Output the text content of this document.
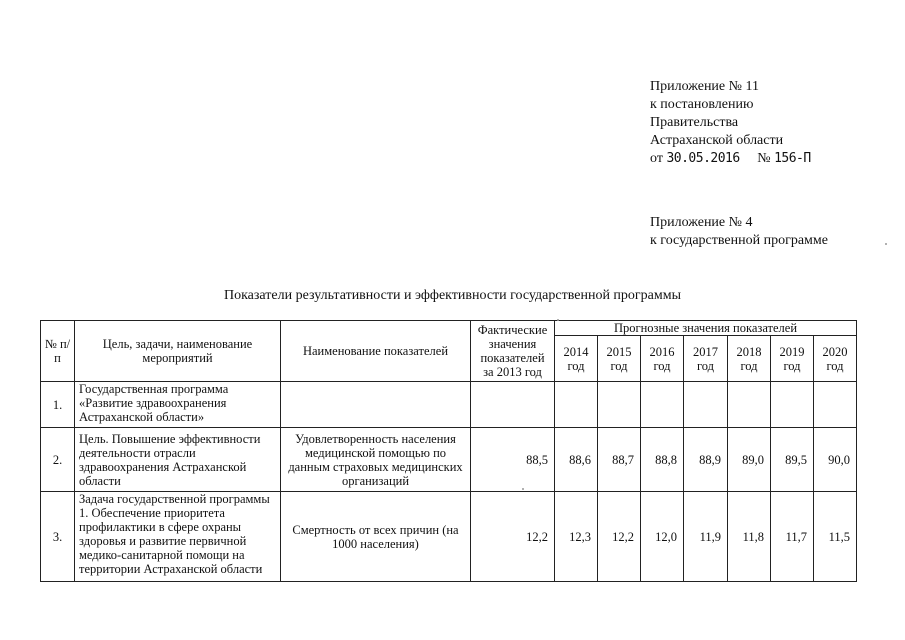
Приложение № 11
к постановлению
Правительства
Астраханской области
от 30.05.2016 № 156-П
Приложение № 4
к государственной программе
Показатели результативности и эффективности государственной программы
№ п/п	Цель, задачи, наименование мероприятий	Наименование показателей	Фактические значения показателей за 2013 год	Прогнозные значения показателей						
				2014 год	2015 год	2016 год	2017 год	2018 год	2019 год	2020 год
1.	Государственная программа «Развитие здравоохранения Астраханской области»									
2.	Цель. Повышение эффективности деятельности отрасли здравоохранения Астраханской области	Удовлетворенность населения медицинской помощью по данным страховых медицинских организаций	88,5	88,6	88,7	88,8	88,9	89,0	89,5	90,0
3.	Задача государственной программы 1. Обеспечение приоритета профилактики в сфере охраны здоровья и развитие первичной медико-санитарной помощи на территории Астраханской области	Смертность от всех причин (на 1000 населения)	12,2	12,3	12,2	12,0	11,9	11,8	11,7	11,5
